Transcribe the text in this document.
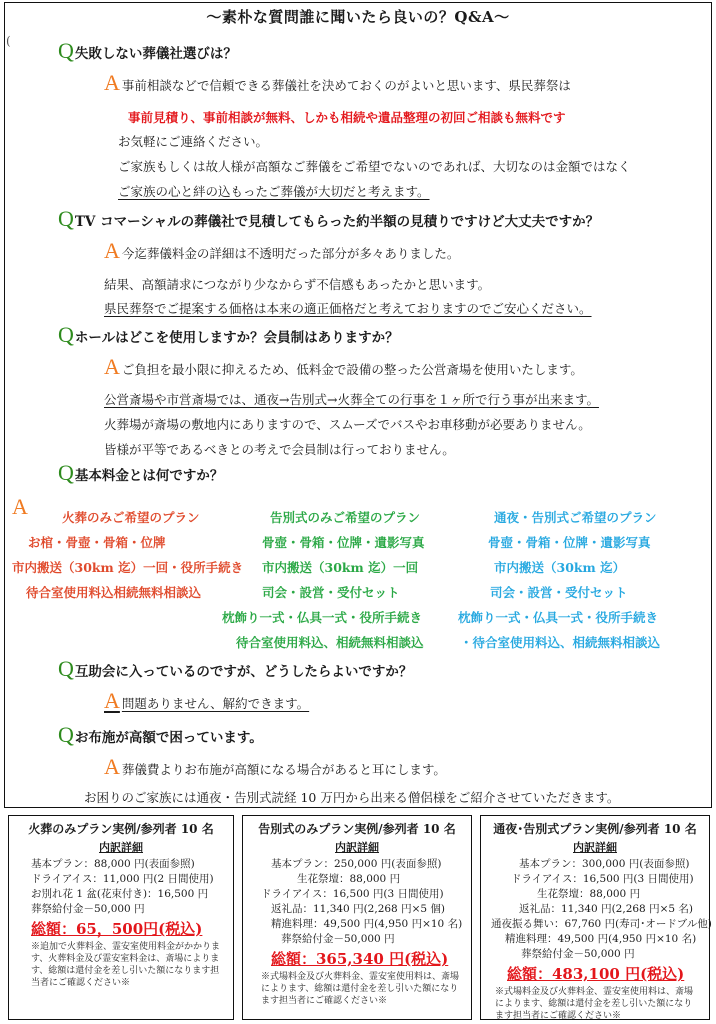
～素朴な質問誰に聞いたら良いの？Q&A～
( Q 失敗しない葬儀社選びは？
A 事前相談などで信頼できる葬儀社を決めておくのがよいと思います、県民葬祭は
事前見積り、事前相談が無料、しかも相続や遺品整理の初回ご相談も無料です
お気軽にご連絡ください。
ご家族もしくは故人様が高額なご葬儀をご希望でないのであれば、大切なのは金額ではなく
ご家族の心と絆の込もったご葬儀が大切だと考えます。
Q TV コマーシャルの葬儀社で見積してもらった約半額の見積りですけど大丈夫ですか？
A 今迄葬儀料金の詳細は不透明だった部分が多々ありました。
結果、高額請求につながり少なからず不信感もあったかと思います。
県民葬祭でご提案する価格は本来の適正価格だと考えておりますのでご安心ください。
Q ホールはどこを使用しますか？会員制はありますか？
A ご負担を最小限に抑えるため、低料金で設備の整った公営斎場を使用いたします。
公営斎場や市営斎場では、通夜→告別式→火葬全ての行事を１ヶ所で行う事が出来ます。
火葬場が斎場の敷地内にありますので、スムーズでバスやお車移動が必要ありません。
皆様が平等であるべきとの考えで会員制は行っておりません。
Q 基本料金とは何ですか？
A	火葬のみご希望のプラン
お棺・骨壺・骨箱・位牌
市内搬送（30km 迄）一回・役所手続き
待合室使用料込相続無料相談込
告別式のみご希望のプラン
骨壺・骨箱・位牌・遺影写真
市内搬送（30km 迄）一回
司会・設営・受付セット
枕飾り一式・仏具一式・役所手続き
待合室使用料込、相続無料相談込
通夜・告別式ご希望のプラン
骨壺・骨箱・位牌・遺影写真
市内搬送（30km 迄）
司会・設営・受付セット
枕飾り一式・仏具一式・役所手続き
・待合室使用料込、相続無料相談込
Q 互助会に入っているのですが、どうしたらよいですか？
A 問題ありません、解約できます。
Q お布施が高額で困っています。
A 葬儀費よりお布施が高額になる場合があると耳にします。
お困りのご家族には通夜・告別式読経 10 万円から出来る僧侶様をご紹介させていただきます。
火葬のみプラン実例/参列者 10 名
内訳詳細
基本プラン：88,000 円(表面参照)
ドライアイス：11,000 円(2 日間使用)
お別れ花 1 盆(花束付き)：16,500 円
葬祭給付金－50,000 円
総額：65，500円(税込)
※追加で火葬料金、霊安室使用料金がかかります、火葬料金及び霊安室料金は、斎場によります、総額は還付金を差し引いた額になります担当者にご確認ください※
告別式のみプラン実例/参列者 10 名
内訳詳細
基本プラン：250,000 円(表面参照)
生花祭壇：88,000 円
ドライアイス：16,500 円(3 日間使用)
返礼品：11,340 円(2,268 円×5 個)
精進料理：49,500 円(4,950 円×10 名)
葬祭給付金－50,000 円
総額：365,340 円(税込)
※式場料金及び火葬料金、霊安室使用料は、斎場によります、総額は還付金を差し引いた額になります担当者にご確認ください※
通夜･告別式プラン実例/参列者 10 名
内訳詳細
基本プラン：300,000 円(表面参照)
ドライアイス：16,500 円(3 日間使用)
生花祭壇：88,000 円
返礼品：11,340 円(2,268 円×5 名)
通夜振る舞い：67,760 円(寿司･オードブル他)
精進料理：49,500 円(4,950 円×10 名)
葬祭給付金－50,000 円
総額：483,100 円(税込)
※式場料金及び火葬料金、霊安室使用料は、斎場によります、総額は還付金を差し引いた額になります担当者にご確認ください※
